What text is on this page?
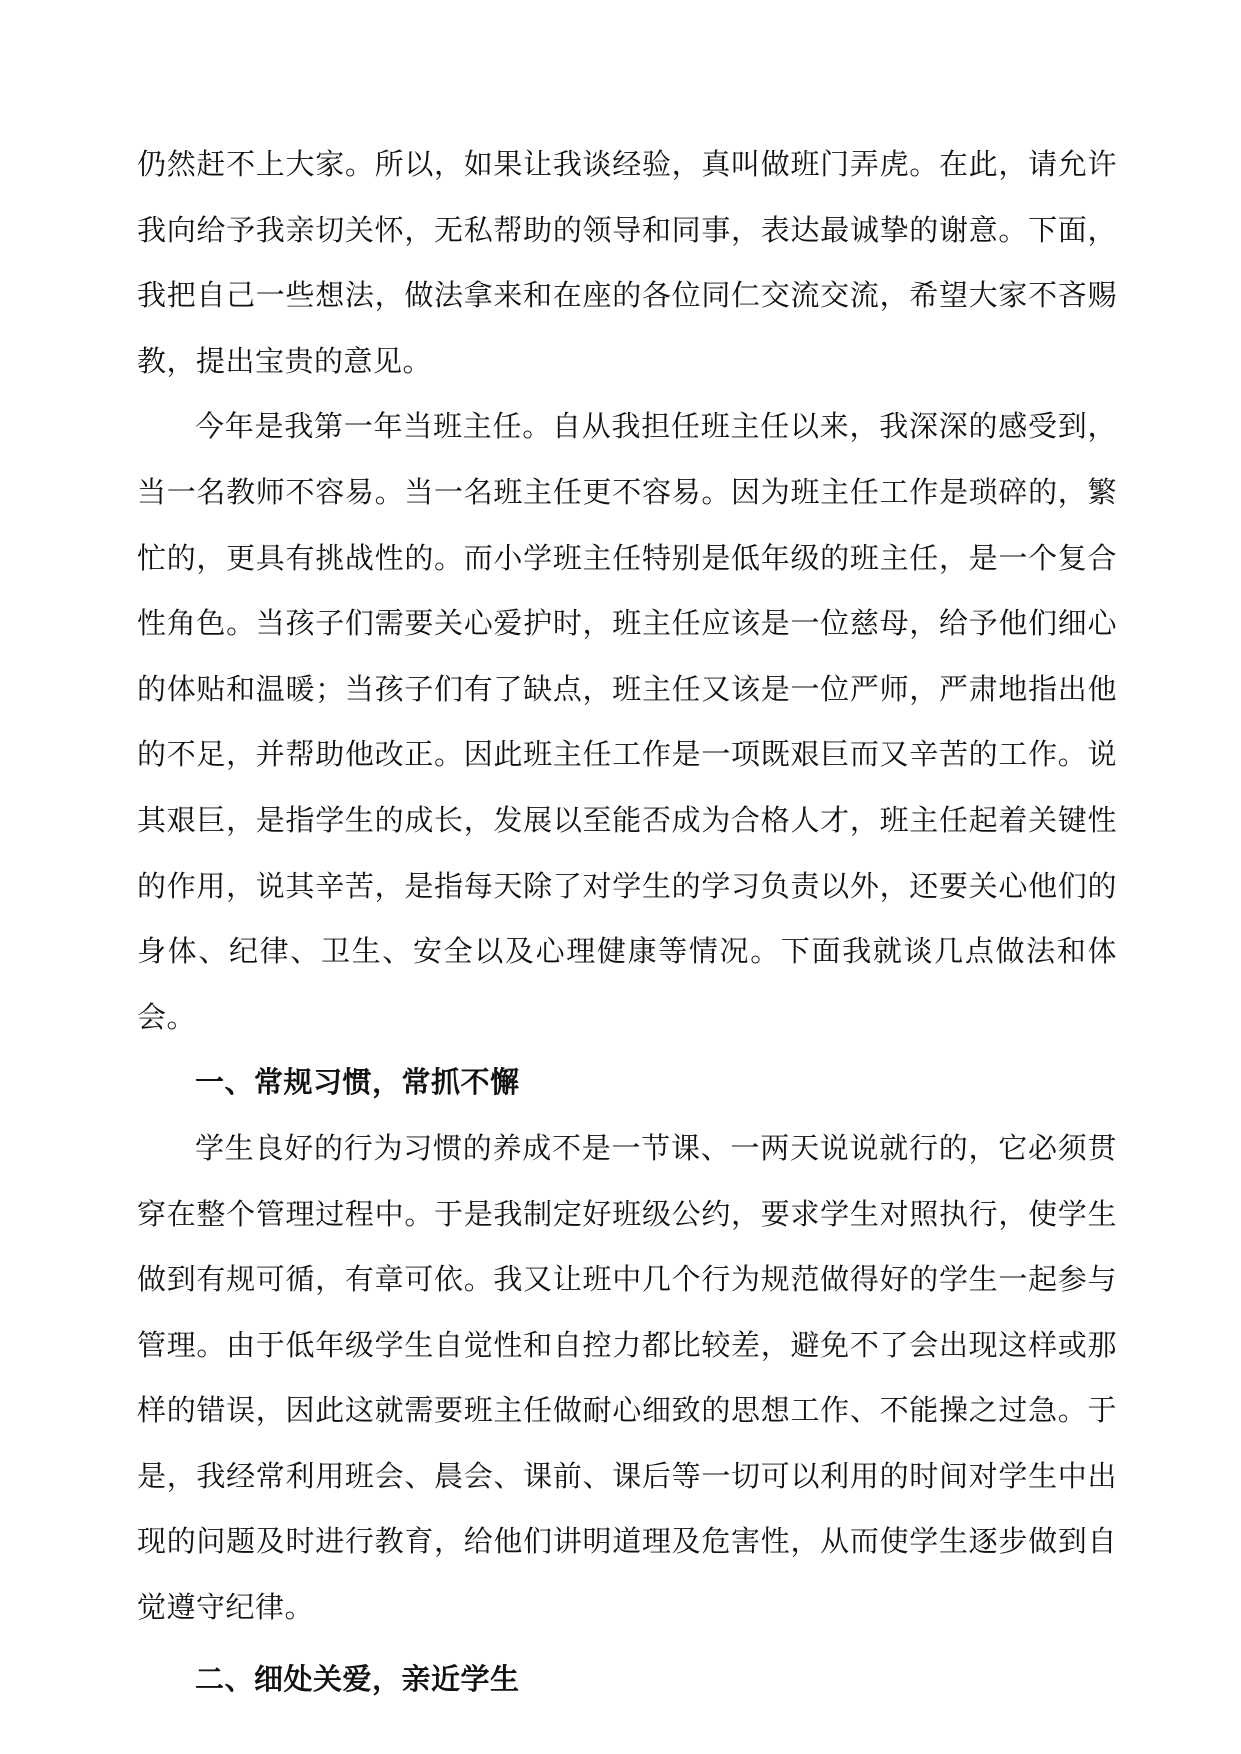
仍然赶不上大家。所以，如果让我谈经验，真叫做班门弄虎。在此，请允许我向给予我亲切关怀，无私帮助的领导和同事，表达最诚挚的谢意。下面，我把自己一些想法，做法拿来和在座的各位同仁交流交流，希望大家不吝赐教，提出宝贵的意见。

今年是我第一年当班主任。自从我担任班主任以来，我深深的感受到，当一名教师不容易。当一名班主任更不容易。因为班主任工作是琐碎的，繁忙的，更具有挑战性的。而小学班主任特别是低年级的班主任，是一个复合性角色。当孩子们需要关心爱护时，班主任应该是一位慈母，给予他们细心的体贴和温暖；当孩子们有了缺点，班主任又该是一位严师，严肃地指出他的不足，并帮助他改正。因此班主任工作是一项既艰巨而又辛苦的工作。说其艰巨，是指学生的成长，发展以至能否成为合格人才，班主任起着关键性的作用，说其辛苦，是指每天除了对学生的学习负责以外，还要关心他们的身体、纪律、卫生、安全以及心理健康等情况。下面我就谈几点做法和体会。

一、常规习惯，常抓不懈

学生良好的行为习惯的养成不是一节课、一两天说说就行的，它必须贯穿在整个管理过程中。于是我制定好班级公约，要求学生对照执行，使学生做到有规可循，有章可依。我又让班中几个行为规范做得好的学生一起参与管理。由于低年级学生自觉性和自控力都比较差，避免不了会出现这样或那样的错误，因此这就需要班主任做耐心细致的思想工作、不能操之过急。于是，我经常利用班会、晨会、课前、课后等一切可以利用的时间对学生中出现的问题及时进行教育，给他们讲明道理及危害性，从而使学生逐步做到自觉遵守纪律。

二、细处关爱，亲近学生
